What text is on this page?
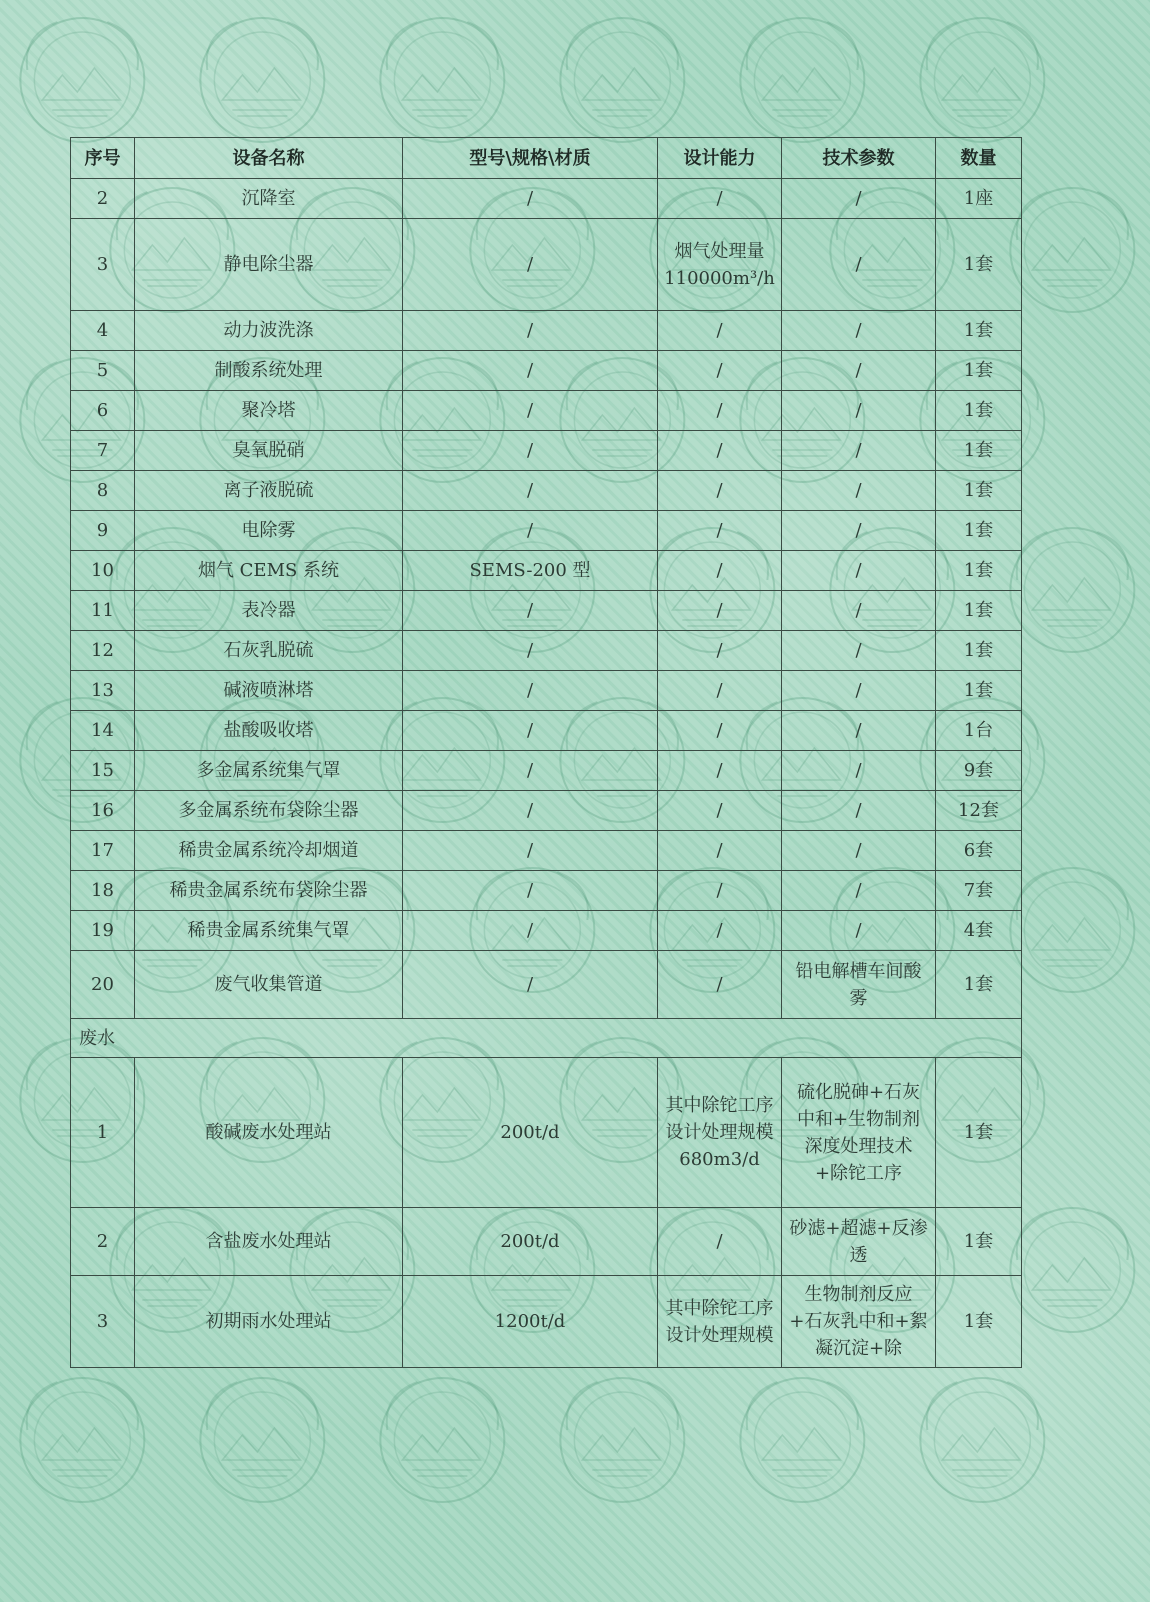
序号	设备名称	型号\规格\材质	设计能力	技术参数	数量
2	沉降室	/	/	/	1座
3	静电除尘器	/	烟气处理量110000m³/h	/	1套
4	动力波洗涤	/	/	/	1套
5	制酸系统处理	/	/	/	1套
6	聚冷塔	/	/	/	1套
7	臭氧脱硝	/	/	/	1套
8	离子液脱硫	/	/	/	1套
9	电除雾	/	/	/	1套
10	烟气 CEMS 系统	SEMS-200 型	/	/	1套
11	表冷器	/	/	/	1套
12	石灰乳脱硫	/	/	/	1套
13	碱液喷淋塔	/	/	/	1套
14	盐酸吸收塔	/	/	/	1台
15	多金属系统集气罩	/	/	/	9套
16	多金属系统布袋除尘器	/	/	/	12套
17	稀贵金属系统冷却烟道	/	/	/	6套
18	稀贵金属系统布袋除尘器	/	/	/	7套
19	稀贵金属系统集气罩	/	/	/	4套
20	废气收集管道	/	/	铅电解槽车间酸雾	1套
废水					
1	酸碱废水处理站	200t/d	其中除铊工序设计处理规模680m3/d	硫化脱砷+石灰中和+生物制剂深度处理技术+除铊工序	1套
2	含盐废水处理站	200t/d	/	砂滤+超滤+反渗透	1套
3	初期雨水处理站	1200t/d	其中除铊工序设计处理规模	生物制剂反应+石灰乳中和+絮凝沉淀+除	1套
